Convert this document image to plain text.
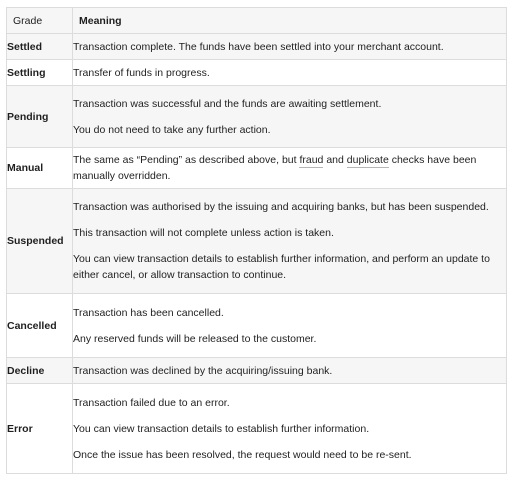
Grade	Meaning
Settled	Transaction complete. The funds have been settled into your merchant account.

Settling	Transfer of funds in progress.

Pending	Transaction was successful and the funds are awaiting settlement.
You do not need to take any further action.

Manual	The same as “Pending” as described above, but fraud and duplicate checks have been manually overridden.

Suspended	Transaction was authorised by the issuing and acquiring banks, but has been suspended.
This transaction will not complete unless action is taken.
You can view transaction details to establish further information, and perform an update to either cancel, or allow transaction to continue.

Cancelled	Transaction has been cancelled.
Any reserved funds will be released to the customer.

Decline	Transaction was declined by the acquiring/issuing bank.

Error	Transaction failed due to an error.
You can view transaction details to establish further information.
Once the issue has been resolved, the request would need to be re-sent.
